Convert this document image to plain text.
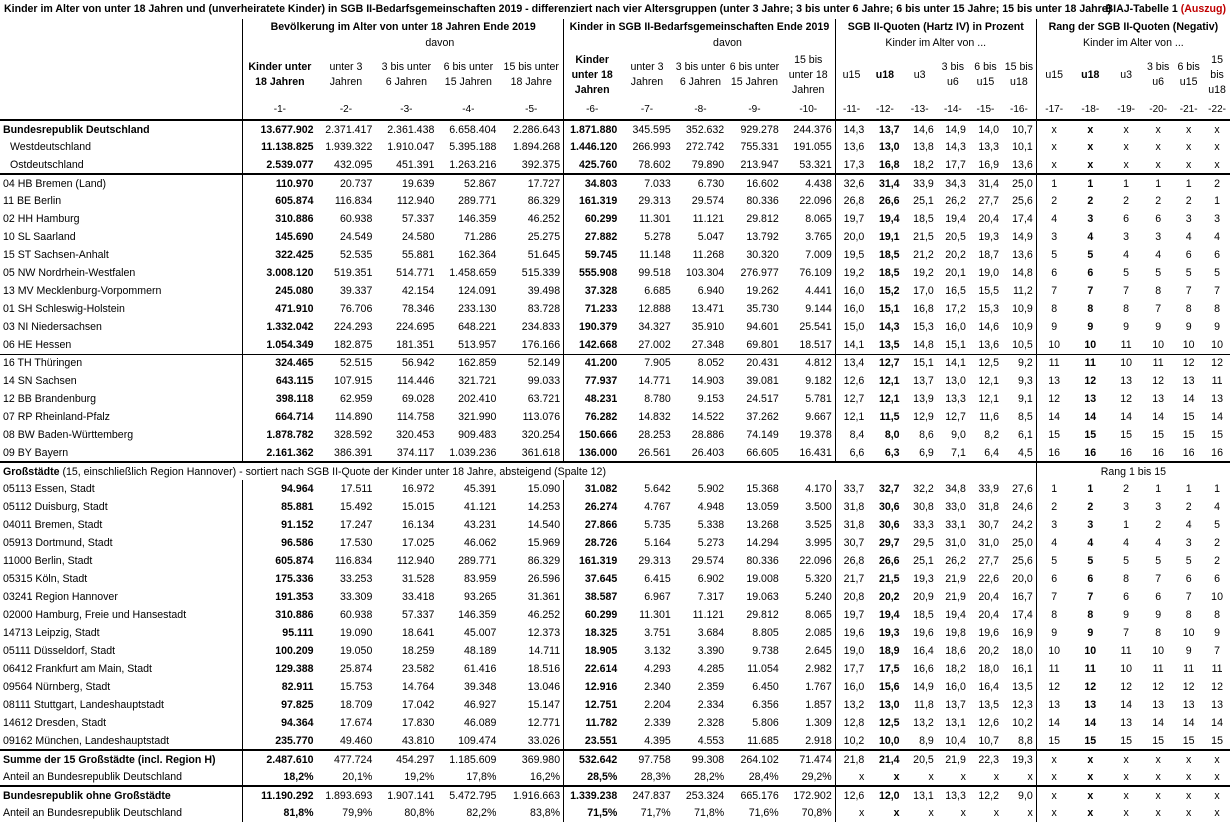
Kinder im Alter von unter 18 Jahren und (unverheiratete Kinder) in SGB II-Bedarfsgemeinschaften 2019 - differenziert nach vier Altersgruppen (unter 3 Jahre; 3 bis unter 6 Jahre; 6 bis unter 15 Jahre; 15 bis unter 18 Jahre)
BIAJ-Tabelle 1 (Auszug)
	Bevölkerung im Alter von unter 18 Jahren Ende 2019					Kinder in SGB II-Bedarfsgemeinschaften Ende 2019					SGB II-Quoten (Hartz IV) in Prozent						Rang der SGB II-Quoten (Negativ)					
		davon					davon				Kinder im Alter von ...						Kinder im Alter von ...					
	Kinder unter 18 Jahren	unter 3 Jahren	3 bis unter 6 Jahren	6 bis unter 15 Jahren	15 bis unter 18 Jahre	Kinder unter 18 Jahren	unter 3 Jahren	3 bis unter 6 Jahren	6 bis unter 15 Jahren	15 bis unter 18 Jahren	u15	u18	u3	3 bis u6	6 bis u15	15 bis u18	u15	u18	u3	3 bis u6	6 bis u15	15 bis u18
	-1-	-2-	-3-	-4-	-5-	-6-	-7-	-8-	-9-	-10-	-11-	-12-	-13-	-14-	-15-	-16-	-17-	-18-	-19-	-20-	-21-	-22-
Bundesrepublik Deutschland	13.677.902	2.371.417	2.361.438	6.658.404	2.286.643	1.871.880	345.595	352.632	929.278	244.376	14,3	13,7	14,6	14,9	14,0	10,7	x	x	x	x	x	x
Westdeutschland	11.138.825	1.939.322	1.910.047	5.395.188	1.894.268	1.446.120	266.993	272.742	755.331	191.055	13,6	13,0	13,8	14,3	13,3	10,1	x	x	x	x	x	x
Ostdeutschland	2.539.077	432.095	451.391	1.263.216	392.375	425.760	78.602	79.890	213.947	53.321	17,3	16,8	18,2	17,7	16,9	13,6	x	x	x	x	x	x
04 HB Bremen (Land)	110.970	20.737	19.639	52.867	17.727	34.803	7.033	6.730	16.602	4.438	32,6	31,4	33,9	34,3	31,4	25,0	1	1	1	1	1	2
11 BE Berlin	605.874	116.834	112.940	289.771	86.329	161.319	29.313	29.574	80.336	22.096	26,8	26,6	25,1	26,2	27,7	25,6	2	2	2	2	2	1
02 HH Hamburg	310.886	60.938	57.337	146.359	46.252	60.299	11.301	11.121	29.812	8.065	19,7	19,4	18,5	19,4	20,4	17,4	4	3	6	6	3	3
10 SL Saarland	145.690	24.549	24.580	71.286	25.275	27.882	5.278	5.047	13.792	3.765	20,0	19,1	21,5	20,5	19,3	14,9	3	4	3	3	4	4
15 ST Sachsen-Anhalt	322.425	52.535	55.881	162.364	51.645	59.745	11.148	11.268	30.320	7.009	19,5	18,5	21,2	20,2	18,7	13,6	5	5	4	4	6	6
05 NW Nordrhein-Westfalen	3.008.120	519.351	514.771	1.458.659	515.339	555.908	99.518	103.304	276.977	76.109	19,2	18,5	19,2	20,1	19,0	14,8	6	6	5	5	5	5
13 MV Mecklenburg-Vorpommern	245.080	39.337	42.154	124.091	39.498	37.328	6.685	6.940	19.262	4.441	16,0	15,2	17,0	16,5	15,5	11,2	7	7	7	8	7	7
01 SH Schleswig-Holstein	471.910	76.706	78.346	233.130	83.728	71.233	12.888	13.471	35.730	9.144	16,0	15,1	16,8	17,2	15,3	10,9	8	8	8	7	8	8
03 NI Niedersachsen	1.332.042	224.293	224.695	648.221	234.833	190.379	34.327	35.910	94.601	25.541	15,0	14,3	15,3	16,0	14,6	10,9	9	9	9	9	9	9
06 HE Hessen	1.054.349	182.875	181.351	513.957	176.166	142.668	27.002	27.348	69.801	18.517	14,1	13,5	14,8	15,1	13,6	10,5	10	10	11	10	10	10
16 TH Thüringen	324.465	52.515	56.942	162.859	52.149	41.200	7.905	8.052	20.431	4.812	13,4	12,7	15,1	14,1	12,5	9,2	11	11	10	11	12	12
14 SN Sachsen	643.115	107.915	114.446	321.721	99.033	77.937	14.771	14.903	39.081	9.182	12,6	12,1	13,7	13,0	12,1	9,3	13	12	13	12	13	11
12 BB Brandenburg	398.118	62.959	69.028	202.410	63.721	48.231	8.780	9.153	24.517	5.781	12,7	12,1	13,9	13,3	12,1	9,1	12	13	12	13	14	13
07 RP Rheinland-Pfalz	664.714	114.890	114.758	321.990	113.076	76.282	14.832	14.522	37.262	9.667	12,1	11,5	12,9	12,7	11,6	8,5	14	14	14	14	15	14
08 BW Baden-Württemberg	1.878.782	328.592	320.453	909.483	320.254	150.666	28.253	28.886	74.149	19.378	8,4	8,0	8,6	9,0	8,2	6,1	15	15	15	15	15	15
09 BY Bayern	2.161.362	386.391	374.117	1.039.236	361.618	136.000	26.561	26.403	66.605	16.431	6,6	6,3	6,9	7,1	6,4	4,5	16	16	16	16	16	16
Großstädte (15, einschließlich Region Hannover) - sortiert nach SGB II-Quote der Kinder unter 18 Jahre, absteigend (Spalte 12)																	Rang 1 bis 15					
05113 Essen, Stadt	94.964	17.511	16.972	45.391	15.090	31.082	5.642	5.902	15.368	4.170	33,7	32,7	32,2	34,8	33,9	27,6	1	1	2	1	1	1
05112 Duisburg, Stadt	85.881	15.492	15.015	41.121	14.253	26.274	4.767	4.948	13.059	3.500	31,8	30,6	30,8	33,0	31,8	24,6	2	2	3	3	2	4
04011 Bremen, Stadt	91.152	17.247	16.134	43.231	14.540	27.866	5.735	5.338	13.268	3.525	31,8	30,6	33,3	33,1	30,7	24,2	3	3	1	2	4	5
05913 Dortmund, Stadt	96.586	17.530	17.025	46.062	15.969	28.726	5.164	5.273	14.294	3.995	30,7	29,7	29,5	31,0	31,0	25,0	4	4	4	4	3	2
11000 Berlin, Stadt	605.874	116.834	112.940	289.771	86.329	161.319	29.313	29.574	80.336	22.096	26,8	26,6	25,1	26,2	27,7	25,6	5	5	5	5	5	2
05315 Köln, Stadt	175.336	33.253	31.528	83.959	26.596	37.645	6.415	6.902	19.008	5.320	21,7	21,5	19,3	21,9	22,6	20,0	6	6	8	7	6	6
03241 Region Hannover	191.353	33.309	33.418	93.265	31.361	38.587	6.967	7.317	19.063	5.240	20,8	20,2	20,9	21,9	20,4	16,7	7	7	6	6	7	10
02000 Hamburg, Freie und Hansestadt	310.886	60.938	57.337	146.359	46.252	60.299	11.301	11.121	29.812	8.065	19,7	19,4	18,5	19,4	20,4	17,4	8	8	9	9	8	8
14713 Leipzig, Stadt	95.111	19.090	18.641	45.007	12.373	18.325	3.751	3.684	8.805	2.085	19,6	19,3	19,6	19,8	19,6	16,9	9	9	7	8	10	9
05111 Düsseldorf, Stadt	100.209	19.050	18.259	48.189	14.711	18.905	3.132	3.390	9.738	2.645	19,0	18,9	16,4	18,6	20,2	18,0	10	10	11	10	9	7
06412 Frankfurt am Main, Stadt	129.388	25.874	23.582	61.416	18.516	22.614	4.293	4.285	11.054	2.982	17,7	17,5	16,6	18,2	18,0	16,1	11	11	10	11	11	11
09564 Nürnberg, Stadt	82.911	15.753	14.764	39.348	13.046	12.916	2.340	2.359	6.450	1.767	16,0	15,6	14,9	16,0	16,4	13,5	12	12	12	12	12	12
08111 Stuttgart, Landeshauptstadt	97.825	18.709	17.042	46.927	15.147	12.751	2.204	2.334	6.356	1.857	13,2	13,0	11,8	13,7	13,5	12,3	13	13	14	13	13	13
14612 Dresden, Stadt	94.364	17.674	17.830	46.089	12.771	11.782	2.339	2.328	5.806	1.309	12,8	12,5	13,2	13,1	12,6	10,2	14	14	13	14	14	14
09162 München, Landeshauptstadt	235.770	49.460	43.810	109.474	33.026	23.551	4.395	4.553	11.685	2.918	10,2	10,0	8,9	10,4	10,7	8,8	15	15	15	15	15	15
Summe der 15 Großstädte (incl. Region H)	2.487.610	477.724	454.297	1.185.609	369.980	532.642	97.758	99.308	264.102	71.474	21,8	21,4	20,5	21,9	22,3	19,3	x	x	x	x	x	x
Anteil an Bundesrepublik Deutschland	18,2%	20,1%	19,2%	17,8%	16,2%	28,5%	28,3%	28,2%	28,4%	29,2%	x	x	x	x	x	x	x	x	x	x	x	x
Bundesrepublik ohne Großstädte	11.190.292	1.893.693	1.907.141	5.472.795	1.916.663	1.339.238	247.837	253.324	665.176	172.902	12,6	12,0	13,1	13,3	12,2	9,0	x	x	x	x	x	x
Anteil an Bundesrepublik Deutschland	81,8%	79,9%	80,8%	82,2%	83,8%	71,5%	71,7%	71,8%	71,6%	70,8%	x	x	x	x	x	x	x	x	x	x	x	x
